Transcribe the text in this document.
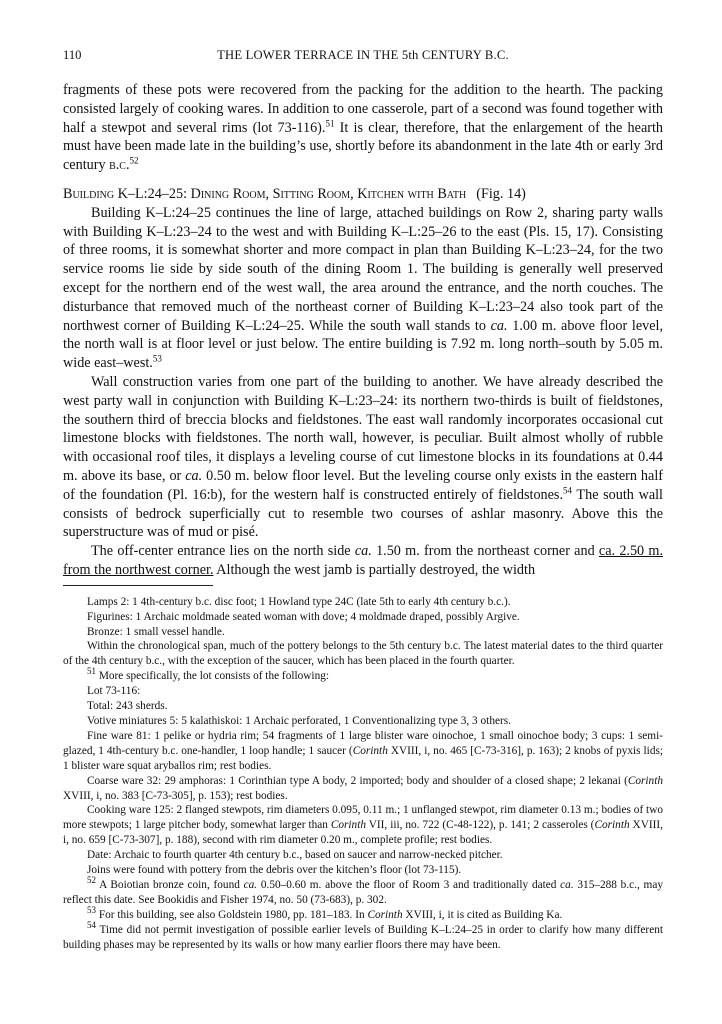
110	THE LOWER TERRACE IN THE 5th CENTURY B.C.

fragments of these pots were recovered from the packing for the addition to the hearth. The packing consisted largely of cooking wares. In addition to one casserole, part of a second was found together with half a stewpot and several rims (lot 73-116).$^{51}$ It is clear, therefore, that the enlargement of the hearth must have been made late in the building’s use, shortly before its abandonment in the late 4th or early 3rd century b.c.$^{52}$

Building K–L:24–25: Dining Room, Sitting Room, Kitchen with Bath (Fig. 14)

Building K–L:24–25 continues the line of large, attached buildings on Row 2, sharing party walls with Building K–L:23–24 to the west and with Building K–L:25–26 to the east (Pls. 15, 17). Consisting of three rooms, it is somewhat shorter and more compact in plan than Building K–L:23–24, for the two service rooms lie side by side south of the dining Room 1. The building is generally well preserved except for the northern end of the west wall, the area around the entrance, and the north couches. The disturbance that removed much of the northeast corner of Building K–L:23–24 also took part of the northwest corner of Building K–L:24–25. While the south wall stands to ca. 1.00 m. above floor level, the north wall is at floor level or just below. The entire building is 7.92 m. long north–south by 5.05 m. wide east–west.$^{53}$

Wall construction varies from one part of the building to another. We have already described the west party wall in conjunction with Building K–L:23–24: its northern two-thirds is built of fieldstones, the southern third of breccia blocks and fieldstones. The east wall randomly incorporates occasional cut limestone blocks with fieldstones. The north wall, however, is peculiar. Built almost wholly of rubble with occasional roof tiles, it displays a leveling course of cut limestone blocks in its foundations at 0.44 m. above its base, or ca. 0.50 m. below floor level. But the leveling course only exists in the eastern half of the foundation (Pl. 16:b), for the western half is constructed entirely of fieldstones.$^{54}$ The south wall consists of bedrock superficially cut to resemble two courses of ashlar masonry. Above this the superstructure was of mud or pisé.

The off-center entrance lies on the north side ca. 1.50 m. from the northeast corner and ca. 2.50 m. from the northwest corner. Although the west jamb is partially destroyed, the width

Lamps 2: 1 4th-century b.c. disc foot; 1 Howland type 24C (late 5th to early 4th century b.c.).

Figurines: 1 Archaic moldmade seated woman with dove; 4 moldmade draped, possibly Argive.

Bronze: 1 small vessel handle.

Within the chronological span, much of the pottery belongs to the 5th century b.c. The latest material dates to the third quarter of the 4th century b.c., with the exception of the saucer, which has been placed in the fourth quarter.

$^{51}$ More specifically, the lot consists of the following:

Lot 73-116:

Total: 243 sherds.

Votive miniatures 5: 5 kalathiskoi: 1 Archaic perforated, 1 Conventionalizing type 3, 3 others.

Fine ware 81: 1 pelike or hydria rim; 54 fragments of 1 large blister ware oinochoe, 1 small oinochoe body; 3 cups: 1 semi-glazed, 1 4th-century b.c. one-handler, 1 loop handle; 1 saucer (Corinth XVIII, i, no. 465 [C-73-316], p. 163); 2 knobs of pyxis lids; 1 blister ware squat aryballos rim; rest bodies.

Coarse ware 32: 29 amphoras: 1 Corinthian type A body, 2 imported; body and shoulder of a closed shape; 2 lekanai (Corinth XVIII, i, no. 383 [C-73-305], p. 153); rest bodies.

Cooking ware 125: 2 flanged stewpots, rim diameters 0.095, 0.11 m.; 1 unflanged stewpot, rim diameter 0.13 m.; bodies of two more stewpots; 1 large pitcher body, somewhat larger than Corinth VII, iii, no. 722 (C-48-122), p. 141; 2 casseroles (Corinth XVIII, i, no. 659 [C-73-307], p. 188), second with rim diameter 0.20 m., complete profile; rest bodies.

Date: Archaic to fourth quarter 4th century b.c., based on saucer and narrow-necked pitcher.

Joins were found with pottery from the debris over the kitchen’s floor (lot 73-115).

$^{52}$ A Boiotian bronze coin, found ca. 0.50–0.60 m. above the floor of Room 3 and traditionally dated ca. 315–288 b.c., may reflect this date. See Bookidis and Fisher 1974, no. 50 (73-683), p. 302.

$^{53}$ For this building, see also Goldstein 1980, pp. 181–183. In Corinth XVIII, i, it is cited as Building Ka.

$^{54}$ Time did not permit investigation of possible earlier levels of Building K–L:24–25 in order to clarify how many different building phases may be represented by its walls or how many earlier floors there may have been.
